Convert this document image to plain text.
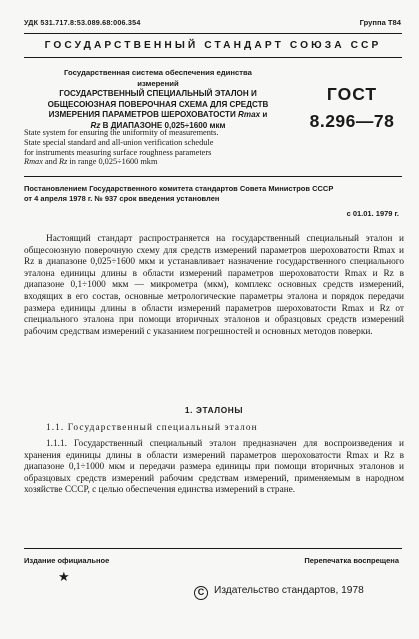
УДК 531.717.8:53.089.68:006.354	Группа Т84
ГОСУДАРСТВЕННЫЙ СТАНДАРТ СОЮЗА ССР
Государственная система обеспечения единства
измерений
ГОСУДАРСТВЕННЫЙ СПЕЦИАЛЬНЫЙ ЭТАЛОН И
ОБЩЕСОЮЗНАЯ ПОВЕРОЧНАЯ СХЕМА ДЛЯ СРЕДСТВ
ИЗМЕРЕНИЯ ПАРАМЕТРОВ ШЕРОХОВАТОСТИ Rmax и
Rz В ДИАПАЗОНЕ 0,025÷1600 мкм
State system for ensuring the uniformity of measurements.
State special standard and all-union verification schedule
for instruments measuring surface roughness parameters
Rmax and Rz in range 0,025÷1600 mkm
ГОСТ
8.296—78
Постановлением Государственного комитета стандартов Совета Министров СССР
от 4 апреля 1978 г. № 937 срок введения установлен
с 01.01. 1979 г.

Настоящий стандарт распространяется на государственный специальный эталон и общесоюзную поверочную схему для средств измерений параметров шероховатости Rmax и Rz в диапазоне 0,025÷1600 мкм и устанавливает назначение государственного специального эталона единицы длины в области измерений параметров шероховатости Rmax и Rz в диапазоне 0,1÷1000 мкм — микрометра (мкм), комплекс основных средств измерений, входящих в его состав, основные метрологические параметры эталона и порядок передачи размера единицы длины в области измерений параметров шероховатости Rmax и Rz от специального эталона при помощи вторичных эталонов и образцовых средств измерений рабочим средствам измерений с указанием погрешностей и основных методов поверки.

1. ЭТАЛОНЫ
1.1. Государственный специальный эталон

1.1.1. Государственный специальный эталон предназначен для воспроизведения и хранения единицы длины в области измерений параметров шероховатости Rmax и Rz в диапазоне 0,1÷1000 мкм и передачи размера единицы при помощи вторичных эталонов и образцовых средств измерений рабочим средствам измерений, применяемым в народном хозяйстве СССР, с целью обеспечения единства измерений в стране.

Издание официальное	Перепечатка воспрещена
★
С Издательство стандартов, 1978
